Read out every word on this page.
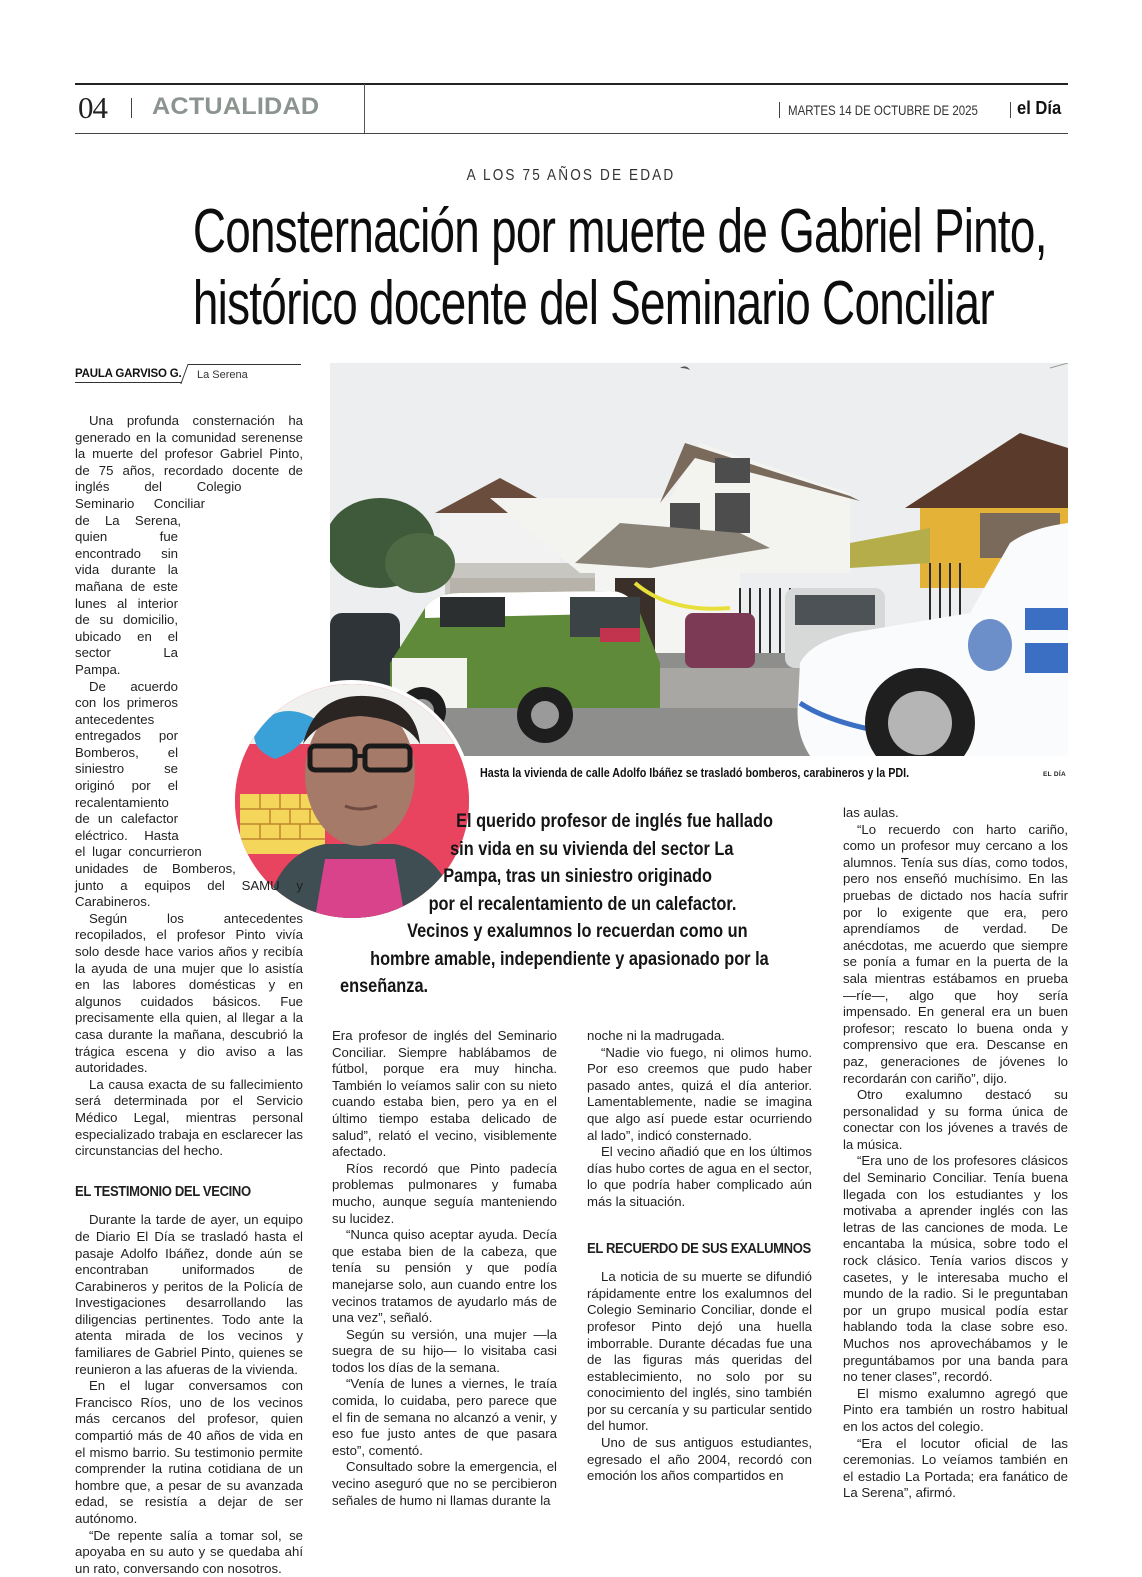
04 ACTUALIDAD	MARTES 14 DE OCTUBRE DE 2025 el Día
A LOS 75 AÑOS DE EDAD
Consternación por muerte de Gabriel Pinto,
histórico docente del Seminario Conciliar
PAULA GARVISO G. La Serena
Hasta la vivienda de calle Adolfo Ibáñez se trasladó bomberos, carabineros y la PDI.	EL DÍA

Una profunda consternación ha generado en la comunidad serenense la muerte del profesor Gabriel Pinto, de 75 años, recordado docente de inglés del Colegio Seminario Conciliar de La Serena, quien fue encontrado sin vida durante la mañana de este lunes al interior de su domicilio, ubicado en el sector La Pampa.

De acuerdo con los primeros antecedentes entregados por Bomberos, el siniestro se originó por el recalentamiento de un calefactor eléctrico. Hasta el lugar concurrieron unidades de Bomberos, junto a equipos del SAMU y Carabineros.

Según los antecedentes recopilados, el profesor Pinto vivía solo desde hace varios años y recibía la ayuda de una mujer que lo asistía en las labores domésticas y en algunos cuidados básicos. Fue precisamente ella quien, al llegar a la casa durante la mañana, descubrió la trágica escena y dio aviso a las autoridades.

La causa exacta de su fallecimiento será determinada por el Servicio Médico Legal, mientras personal especializado trabaja en esclarecer las circunstancias del hecho.

EL TESTIMONIO DEL VECINO

Durante la tarde de ayer, un equipo de Diario El Día se trasladó hasta el pasaje Adolfo Ibáñez, donde aún se encontraban uniformados de Carabineros y peritos de la Policía de Investigaciones desarrollando las diligencias pertinentes. Todo ante la atenta mirada de los vecinos y familiares de Gabriel Pinto, quienes se reunieron a las afueras de la vivienda.

En el lugar conversamos con Francisco Ríos, uno de los vecinos más cercanos del profesor, quien compartió más de 40 años de vida en el mismo barrio. Su testimonio permite comprender la rutina cotidiana de un hombre que, a pesar de su avanzada edad, se resistía a dejar de ser autónomo.

“De repente salía a tomar sol, se apoyaba en su auto y se quedaba ahí un rato, conversando con nosotros.

El querido profesor de inglés fue hallado
sin vida en su vivienda del sector La
Pampa, tras un siniestro originado
por el recalentamiento de un calefactor.
Vecinos y exalumnos lo recuerdan como un
hombre amable, independiente y apasionado por la
enseñanza.

Era profesor de inglés del Seminario Conciliar. Siempre hablábamos de fútbol, porque era muy hincha. También lo veíamos salir con su nieto cuando estaba bien, pero ya en el último tiempo estaba delicado de salud”, relató el vecino, visiblemente afectado.

Ríos recordó que Pinto padecía problemas pulmonares y fumaba mucho, aunque seguía manteniendo su lucidez.

“Nunca quiso aceptar ayuda. Decía que estaba bien de la cabeza, que tenía su pensión y que podía manejarse solo, aun cuando entre los vecinos tratamos de ayudarlo más de una vez”, señaló.

Según su versión, una mujer —la suegra de su hijo— lo visitaba casi todos los días de la semana.

“Venía de lunes a viernes, le traía comida, lo cuidaba, pero parece que el fin de semana no alcanzó a venir, y eso fue justo antes de que pasara esto”, comentó.

Consultado sobre la emergencia, el vecino aseguró que no se percibieron señales de humo ni llamas durante la

noche ni la madrugada.

“Nadie vio fuego, ni olimos humo. Por eso creemos que pudo haber pasado antes, quizá el día anterior. Lamentablemente, nadie se imagina que algo así puede estar ocurriendo al lado”, indicó consternado.

El vecino añadió que en los últimos días hubo cortes de agua en el sector, lo que podría haber complicado aún más la situación.

EL RECUERDO DE SUS EXALUMNOS

La noticia de su muerte se difundió rápidamente entre los exalumnos del Colegio Seminario Conciliar, donde el profesor Pinto dejó una huella imborrable. Durante décadas fue una de las figuras más queridas del establecimiento, no solo por su conocimiento del inglés, sino también por su cercanía y su particular sentido del humor.

Uno de sus antiguos estudiantes, egresado el año 2004, recordó con emoción los años compartidos en

las aulas.

“Lo recuerdo con harto cariño, como un profesor muy cercano a los alumnos. Tenía sus días, como todos, pero nos enseñó muchísimo. En las pruebas de dictado nos hacía sufrir por lo exigente que era, pero aprendíamos de verdad. De anécdotas, me acuerdo que siempre se ponía a fumar en la puerta de la sala mientras estábamos en prueba —ríe—, algo que hoy sería impensado. En general era un buen profesor; rescato lo buena onda y comprensivo que era. Descanse en paz, generaciones de jóvenes lo recordarán con cariño”, dijo.

Otro exalumno destacó su personalidad y su forma única de conectar con los jóvenes a través de la música.

“Era uno de los profesores clásicos del Seminario Conciliar. Tenía buena llegada con los estudiantes y los motivaba a aprender inglés con las letras de las canciones de moda. Le encantaba la música, sobre todo el rock clásico. Tenía varios discos y casetes, y le interesaba mucho el mundo de la radio. Si le preguntaban por un grupo musical podía estar hablando toda la clase sobre eso. Muchos nos aprovechábamos y le preguntábamos por una banda para no tener clases”, recordó.

El mismo exalumno agregó que Pinto era también un rostro habitual en los actos del colegio.

“Era el locutor oficial de las ceremonias. Lo veíamos también en el estadio La Portada; era fanático de La Serena”, afirmó.
